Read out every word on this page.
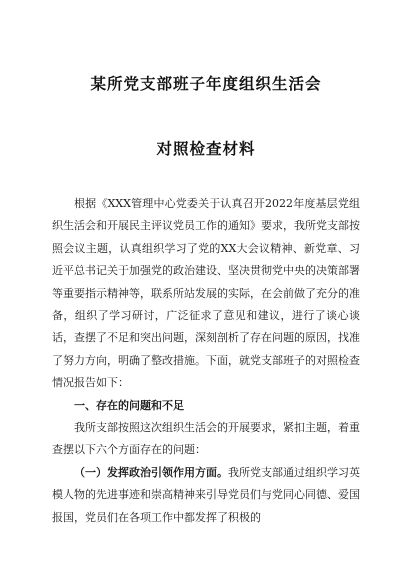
某所党支部班子年度组织生活会
对照检查材料

根据《XXX管理中心党委关于认真召开2022年度基层党组织生活会和开展民主评议党员工作的通知》要求，我所党支部按照会议主题，认真组织学习了党的XX大会议精神、新党章、习近平总书记关于加强党的政治建设、坚决贯彻党中央的决策部署等重要指示精神等，联系所站发展的实际，在会前做了充分的准备，组织了学习研讨，广泛征求了意见和建议，进行了谈心谈话，查摆了不足和突出问题，深刻剖析了存在问题的原因，找准了努力方向，明确了整改措施。下面，就党支部班子的对照检查情况报告如下：

一、存在的问题和不足

我所支部按照这次组织生活会的开展要求，紧扣主题，着重查摆以下六个方面存在的问题：

（一）发挥政治引领作用方面。我所党支部通过组织学习英模人物的先进事迹和崇高精神来引导党员们与党同心同德、爱国报国，党员们在各项工作中都发挥了积极的
